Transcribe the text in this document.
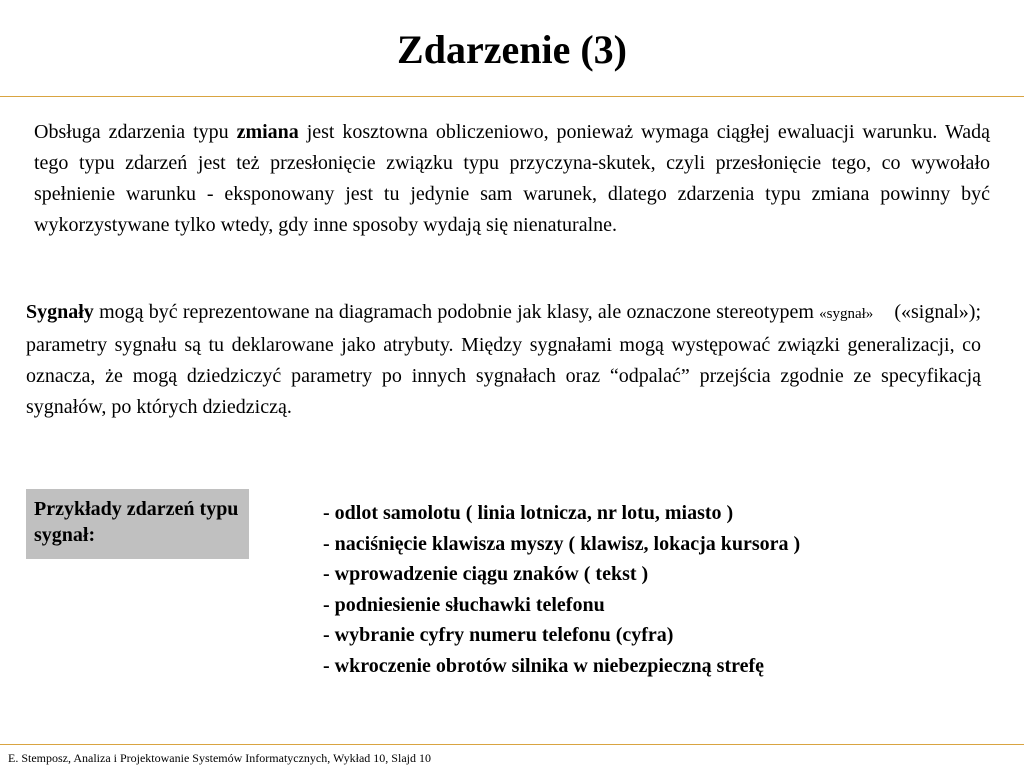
Zdarzenie (3)

Obsługa zdarzenia typu zmiana jest kosztowna obliczeniowo, ponieważ wymaga ciągłej ewaluacji warunku. Wadą tego typu zdarzeń jest też przesłonięcie związku typu przyczyna-skutek, czyli przesłonięcie tego, co wywołało spełnienie warunku - eksponowany jest tu jedynie sam warunek, dlatego zdarzenia typu zmiana powinny być wykorzystywane tylko wtedy, gdy inne sposoby wydają się nienaturalne.

Sygnały mogą być reprezentowane na diagramach podobnie jak klasy, ale oznaczone stereotypem «sygnał»    («signal»);   parametry sygnału są tu deklarowane jako atrybuty. Między sygnałami mogą występować związki generalizacji, co oznacza, że mogą dziedziczyć parametry po innych sygnałach oraz “odpalać” przejścia zgodnie ze specyfikacją sygnałów, po których dziedziczą.

Przykłady zdarzeń typu sygnał:
- odlot samolotu ( linia lotnicza, nr lotu, miasto )
- naciśnięcie klawisza myszy ( klawisz, lokacja kursora )
- wprowadzenie ciągu znaków ( tekst )
- podniesienie słuchawki telefonu
- wybranie cyfry numeru telefonu (cyfra)
- wkroczenie obrotów silnika w niebezpieczną strefę
E. Stemposz, Analiza i Projektowanie Systemów Informatycznych, Wykład 10, Slajd 10
